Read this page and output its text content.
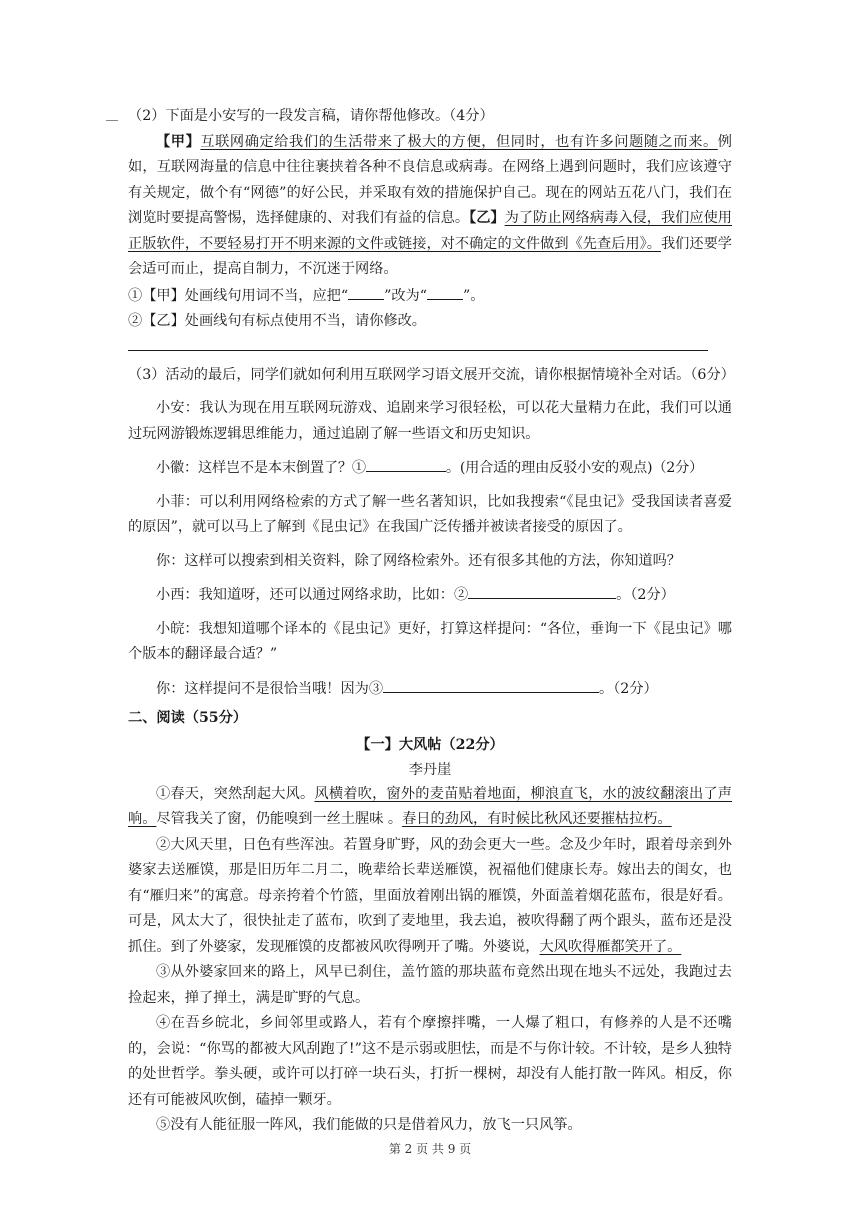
（2）下面是小安写的一段发言稿，请你帮他修改。（4分）

【甲】互联网确定给我们的生活带来了极大的方便，但同时，也有许多问题随之而来。例如，互联网海量的信息中往往裹挟着各种不良信息或病毒。在网络上遇到问题时，我们应该遵守有关规定，做个有“网德”的好公民，并采取有效的措施保护自己。现在的网站五花八门，我们在浏览时要提高警惕，选择健康的、对我们有益的信息。【乙】为了防止网络病毒入侵，我们应使用正版软件，不要轻易打开不明来源的文件或链接，对不确定的文件做到《先查后用》。我们还要学会适可而止，提高自制力，不沉迷于网络。

①【甲】处画线句用词不当，应把“	”改为“	”。

②【乙】处画线句有标点使用不当，请你修改。

（3）活动的最后，同学们就如何利用互联网学习语文展开交流，请你根据情境补全对话。（6分）

小安：我认为现在用互联网玩游戏、追剧来学习很轻松，可以花大量精力在此，我们可以通过玩网游锻炼逻辑思维能力，通过追剧了解一些语文和历史知识。

小徽：这样岂不是本末倒置了？①	。(用合适的理由反驳小安的观点)（2分）

小菲：可以利用网络检索的方式了解一些名著知识，比如我搜索“《昆虫记》受我国读者喜爱的原因”，就可以马上了解到《昆虫记》在我国广泛传播并被读者接受的原因了。

你：这样可以搜索到相关资料，除了网络检索外。还有很多其他的方法，你知道吗？

小西：我知道呀，还可以通过网络求助，比如：②	。（2分）

小皖：我想知道哪个译本的《昆虫记》更好，打算这样提问：“各位，垂询一下《昆虫记》哪个版本的翻译最合适？”

你：这样提问不是很恰当哦！因为③	。（2分）

二、阅读（55分）

【一】大风帖（22分）

李丹崖

①春天，突然刮起大风。风横着吹，窗外的麦苗贴着地面，柳浪直飞，水的波纹翻滚出了声响。尽管我关了窗，仍能嗅到一丝土腥味 。春日的劲风，有时候比秋风还要摧枯拉朽。

②大风天里，日色有些浑浊。若置身旷野，风的劲会更大一些。念及少年时，跟着母亲到外婆家去送雁馍，那是旧历年二月二，晚辈给长辈送雁馍，祝福他们健康长寿。嫁出去的闺女，也有“雁归来”的寓意。母亲挎着个竹篮，里面放着刚出锅的雁馍，外面盖着烟花蓝布，很是好看。可是，风太大了，很快扯走了蓝布，吹到了麦地里，我去追，被吹得翻了两个跟头，蓝布还是没抓住。到了外婆家，发现雁馍的皮都被风吹得咧开了嘴。外婆说，大风吹得雁都笑开了。

③从外婆家回来的路上，风早已刹住，盖竹篮的那块蓝布竟然出现在地头不远处，我跑过去捡起来，掸了掸土，满是旷野的气息。

④在吾乡皖北，乡间邻里或路人，若有个摩擦拌嘴，一人爆了粗口，有修养的人是不还嘴的，会说：“你骂的都被大风刮跑了!”这不是示弱或胆怯，而是不与你计较。不计较，是乡人独特的处世哲学。拳头硬，或许可以打碎一块石头，打折一棵树，却没有人能打散一阵风。相反，你还有可能被风吹倒，磕掉一颗牙。

⑤没有人能征服一阵风，我们能做的只是借着风力，放飞一只风筝。

第 2 页 共 9 页
